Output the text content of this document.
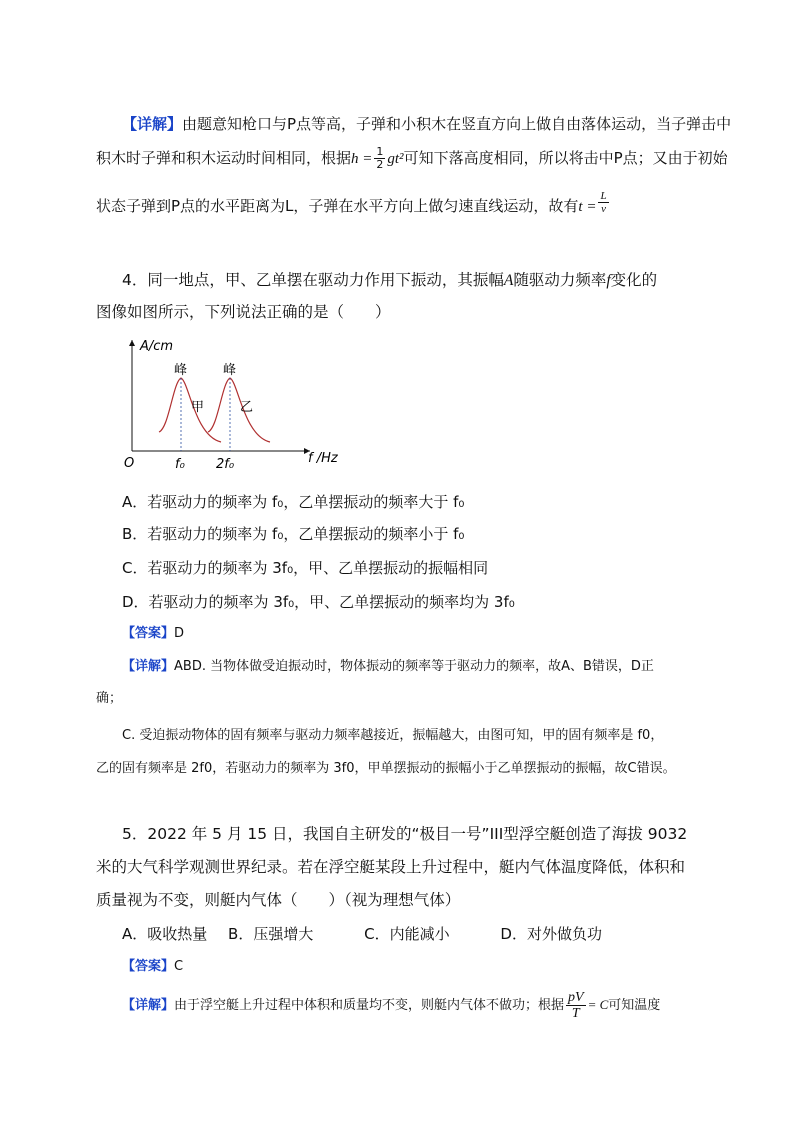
【详解】由题意知枪口与P点等高，子弹和小积木在竖直方向上做自由落体运动，当子弹击中
积木时子弹和积木运动时间相同，根据$h = \frac{1}{2} gt^2$可知下落高度相同，所以将击中P点；又由于初始
状态子弹到P点的水平距离为L，子弹在水平方向上做匀速直线运动，故有$t = \frac{L}{v}$
4．同一地点，甲、乙单摆在驱动力作用下振动，其振幅A随驱动力频率f变化的
图像如图所示，下列说法正确的是（　　）
A/cm
f /Hz
O
峰
甲
峰
乙
f₀ 2f₀
A．若驱动力的频率为 f₀，乙单摆振动的频率大于 f₀
B．若驱动力的频率为 f₀，乙单摆振动的频率小于 f₀
C．若驱动力的频率为 3f₀，甲、乙单摆振动的振幅相同
D．若驱动力的频率为 3f₀，甲、乙单摆振动的频率均为 3f₀
【答案】D
【详解】ABD. 当物体做受迫振动时，物体振动的频率等于驱动力的频率，故A、B错误，D正
确；
C. 受迫振动物体的固有频率与驱动力频率越接近，振幅越大，由图可知，甲的固有频率是 f0，
乙的固有频率是 2f0，若驱动力的频率为 3f0，甲单摆振动的振幅小于乙单摆振动的振幅，故C错误。
5．2022 年 5 月 15 日，我国自主研发的“极目一号”III型浮空艇创造了海拔 9032
米的大气科学观测世界纪录。若在浮空艇某段上升过程中，艇内气体温度降低，体积和
质量视为不变，则艇内气体（　　）（视为理想气体）
A．吸收热量 B．压强增大	C．内能减小	D．对外做负功
【答案】C
【详解】由于浮空艇上升过程中体积和质量均不变，则艇内气体不做功；根据 $\frac{pV}{T} = C$可知温度
